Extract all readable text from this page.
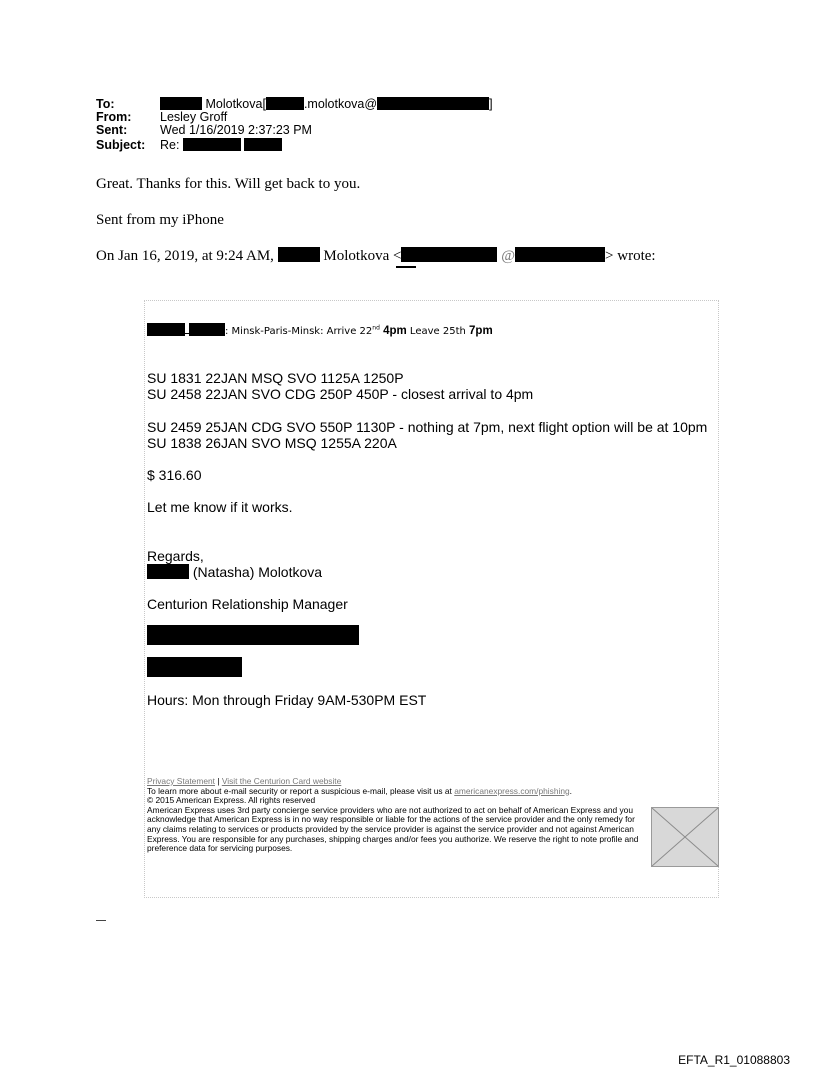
To:	Molotkova[	.molotkova@	]
From: Lesley Groff
Sent:	Wed 1/16/2019 2:37:23 PM
Subject: Re:
Great. Thanks for this. Will get back to you.
Sent from my iPhone
On Jan 16, 2019, at 9:24 AM,	Molotkova <	@	> wrote:
: Minsk-Paris-Minsk: Arrive 22nd 4pm Leave 25th 7pm
SU 1831 22JAN MSQ SVO 1125A 1250P
SU 2458 22JAN SVO CDG 250P 450P - closest arrival to 4pm
SU 2459 25JAN CDG SVO 550P 1130P - nothing at 7pm, next flight option will be at 10pm
SU 1838 26JAN SVO MSQ 1255A 220A
$ 316.60
Let me know if it works.
Regards,
(Natasha) Molotkova
Centurion Relationship Manager
Hours: Mon through Friday 9AM-530PM EST
Privacy Statement | Visit the Centurion Card website
To learn more about e-mail security or report a suspicious e-mail, please visit us at americanexpress.com/phishing.
© 2015 American Express. All rights reserved
American Express uses 3rd party concierge service providers who are not authorized to act on behalf of American Express and you acknowledge that American Express is in no way responsible or liable for the actions of the service provider and the only remedy for any claims relating to services or products provided by the service provider is against the service provider and not against American Express. You are responsible for any purchases, shipping charges and/or fees you authorize. We reserve the right to note profile and preference data for servicing purposes.
EFTA_R1_01088803
